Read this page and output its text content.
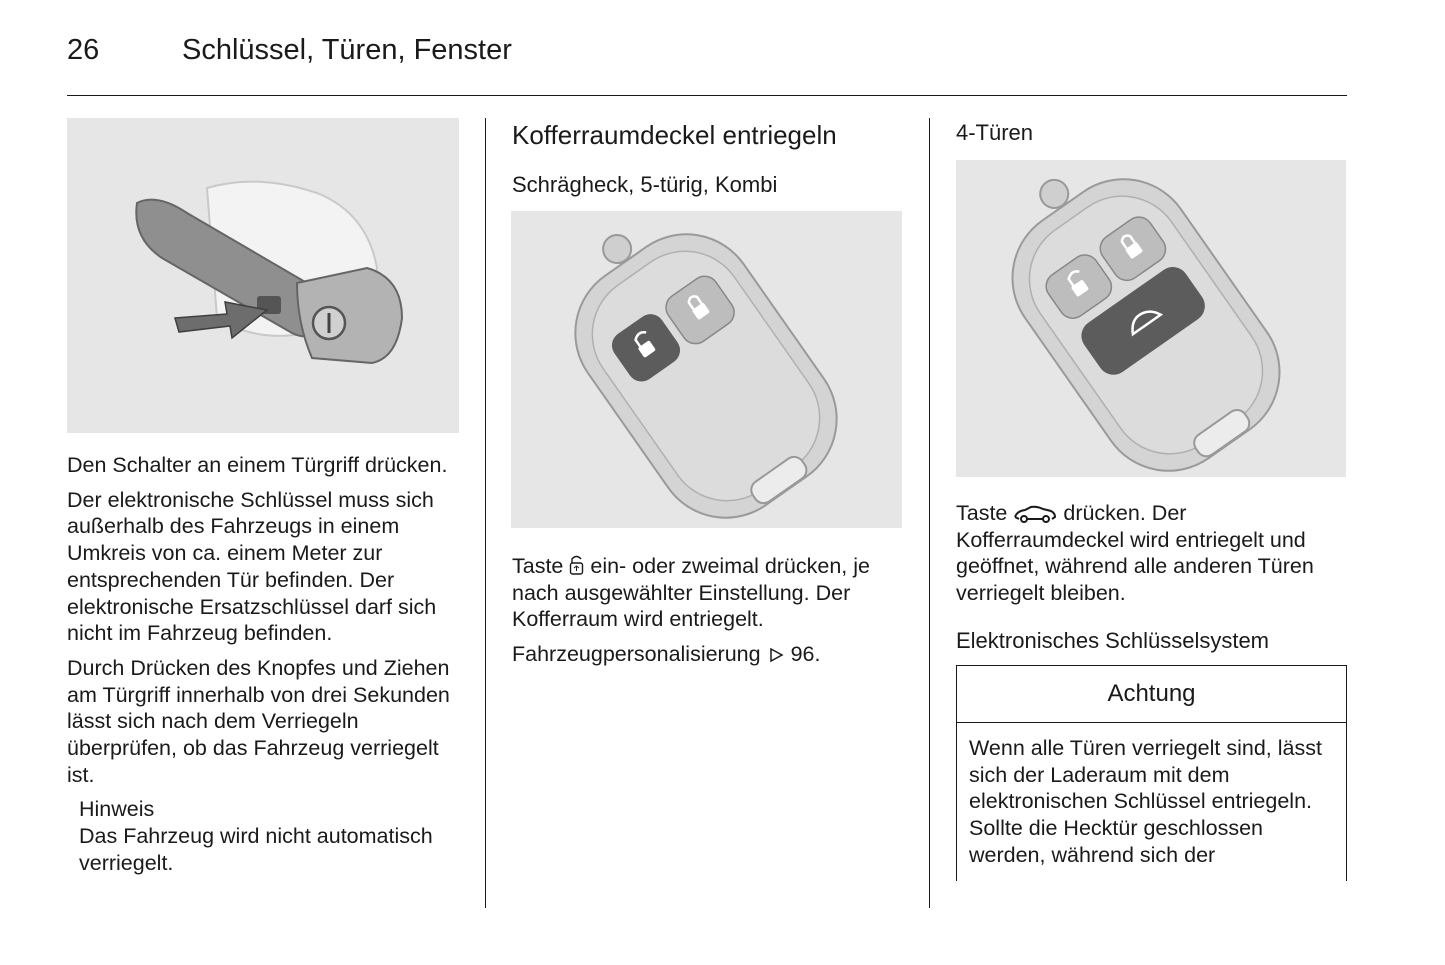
26	Schlüssel, Türen, Fenster

Den Schalter an einem Türgriff drücken.

Der elektronische Schlüssel muss sich außerhalb des Fahrzeugs in einem Umkreis von ca. einem Meter zur entsprechenden Tür befinden. Der elektronische Ersatzschlüssel darf sich nicht im Fahrzeug befinden.

Durch Drücken des Knopfes und Ziehen am Türgriff innerhalb von drei Sekunden lässt sich nach dem Verriegeln überprüfen, ob das Fahrzeug verriegelt ist.

Hinweis

Das Fahrzeug wird nicht automatisch verriegelt.

Kofferraumdeckel entriegeln
Schrägheck, 5-türig, Kombi

Taste ein- oder zweimal drücken, je nach ausgewählter Einstellung. Der Kofferraum wird entriegelt.

Fahrzeugpersonalisierung 96.

4-Türen

Taste	drücken. Der Kofferraumdeckel wird entriegelt und geöffnet, während alle anderen Türen verriegelt bleiben.

Elektronisches Schlüsselsystem
Achtung

Wenn alle Türen verriegelt sind, lässt sich der Laderaum mit dem elektronischen Schlüssel entriegeln. Sollte die Hecktür geschlossen werden, während sich der
